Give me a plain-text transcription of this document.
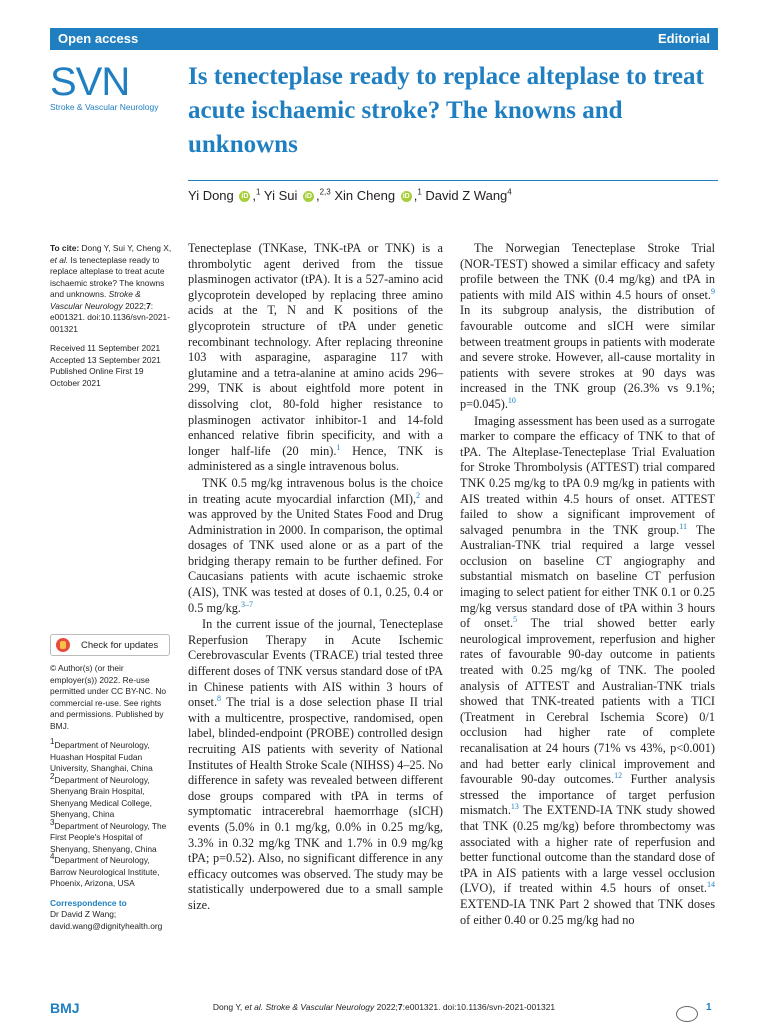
Open access	Editorial
SVN
Stroke & Vascular Neurology
Is tenecteplase ready to replace alteplase to treat acute ischaemic stroke? The knowns and unknowns
Yi Dong iD ,$^1$ Yi Sui iD ,$^{2,3}$ Xin Cheng iD ,$^1$ David Z Wang$^4$

To cite: Dong Y, Sui Y, Cheng X, et al. Is tenecteplase ready to replace alteplase to treat acute ischaemic stroke? The knowns and unknowns. Stroke & Vascular Neurology 2022;7: e001321. doi:10.1136/svn-2021-001321

Received 11 September 2021
Accepted 13 September 2021
Published Online First 19 October 2021

Check for updates

© Author(s) (or their employer(s)) 2022. Re-use permitted under CC BY-NC. No commercial re-use. See rights and permissions. Published by BMJ.

$^1$Department of Neurology, Huashan Hospital Fudan University, Shanghai, China

$^2$Department of Neurology, Shenyang Brain Hospital, Shenyang Medical College, Shenyang, China

$^3$Department of Neurology, The First People's Hospital of Shenyang, Shenyang, China

$^4$Department of Neurology, Barrow Neurological Institute, Phoenix, Arizona, USA

Correspondence to
Dr David Z Wang;
david.wang@dignityhealth.org

Tenecteplase (TNKase, TNK-tPA or TNK) is a thrombolytic agent derived from the tissue plasminogen activator (tPA). It is a 527-amino acid glycoprotein developed by replacing three amino acids at the T, N and K positions of the glycoprotein structure of tPA under genetic recombinant technology. After replacing threonine 103 with asparagine, asparagine 117 with glutamine and a tetra-alanine at amino acids 296–299, TNK is about eightfold more potent in dissolving clot, 80-fold higher resistance to plasminogen activator inhibitor-1 and 14-fold enhanced relative fibrin specificity, and with a longer half-life (20 min).$^1$ Hence, TNK is administered as a single intravenous bolus.

TNK 0.5 mg/kg intravenous bolus is the choice in treating acute myocardial infarction (MI),$^2$ and was approved by the United States Food and Drug Administration in 2000. In comparison, the optimal dosages of TNK used alone or as a part of the bridging therapy remain to be further defined. For Caucasians patients with acute ischaemic stroke (AIS), TNK was tested at doses of 0.1, 0.25, 0.4 or 0.5 mg/kg.$^{3-7}$

In the current issue of the journal, Tenecteplase Reperfusion Therapy in Acute Ischemic Cerebrovascular Events (TRACE) trial tested three different doses of TNK versus standard dose of tPA in Chinese patients with AIS within 3 hours of onset.$^8$ The trial is a dose selection phase II trial with a multicentre, prospective, randomised, open label, blinded-endpoint (PROBE) controlled design recruiting AIS patients with severity of National Institutes of Health Stroke Scale (NIHSS) 4–25. No difference in safety was revealed between different dose groups compared with tPA in terms of symptomatic intracerebral haemorrhage (sICH) events (5.0% in 0.1 mg/kg, 0.0% in 0.25 mg/kg, 3.3% in 0.32 mg/kg TNK and 1.7% in 0.9 mg/kg tPA; p=0.52). Also, no significant difference in any efficacy outcomes was observed. The study may be statistically underpowered due to a small sample size.

The Norwegian Tenecteplase Stroke Trial (NOR-TEST) showed a similar efficacy and safety profile between the TNK (0.4 mg/kg) and tPA in patients with mild AIS within 4.5 hours of onset.$^9$ In its subgroup analysis, the distribution of favourable outcome and sICH were similar between treatment groups in patients with moderate and severe stroke. However, all-cause mortality in patients with severe strokes at 90 days was increased in the TNK group (26.3% vs 9.1%; p=0.045).$^{10}$

Imaging assessment has been used as a surrogate marker to compare the efficacy of TNK to that of tPA. The Alteplase-Tenecteplase Trial Evaluation for Stroke Thrombolysis (ATTEST) trial compared TNK 0.25 mg/kg to tPA 0.9 mg/kg in patients with AIS treated within 4.5 hours of onset. ATTEST failed to show a significant improvement of salvaged penumbra in the TNK group.$^{11}$ The Australian-TNK trial required a large vessel occlusion on baseline CT angiography and substantial mismatch on baseline CT perfusion imaging to select patient for either TNK 0.1 or 0.25 mg/kg versus standard dose of tPA within 3 hours of onset.$^5$ The trial showed better early neurological improvement, reperfusion and higher rates of favourable 90-day outcome in patients treated with 0.25 mg/kg of TNK. The pooled analysis of ATTEST and Australian-TNK trials showed that TNK-treated patients with a TICI (Treatment in Cerebral Ischemia Score) 0/1 occlusion had higher rate of complete recanalisation at 24 hours (71% vs 43%, p<0.001) and had better early clinical improvement and favourable 90-day outcomes.$^{12}$ Further analysis stressed the importance of target perfusion mismatch.$^{13}$ The EXTEND-IA TNK study showed that TNK (0.25 mg/kg) before thrombectomy was associated with a higher rate of reperfusion and better functional outcome than the standard dose of tPA in AIS patients with a large vessel occlusion (LVO), if treated within 4.5 hours of onset.$^{14}$ EXTEND-IA TNK Part 2 showed that TNK doses of either 0.40 or 0.25 mg/kg had no

BMJ	Dong Y, et al. Stroke & Vascular Neurology 2022;7:e001321. doi:10.1136/svn-2021-001321	1
